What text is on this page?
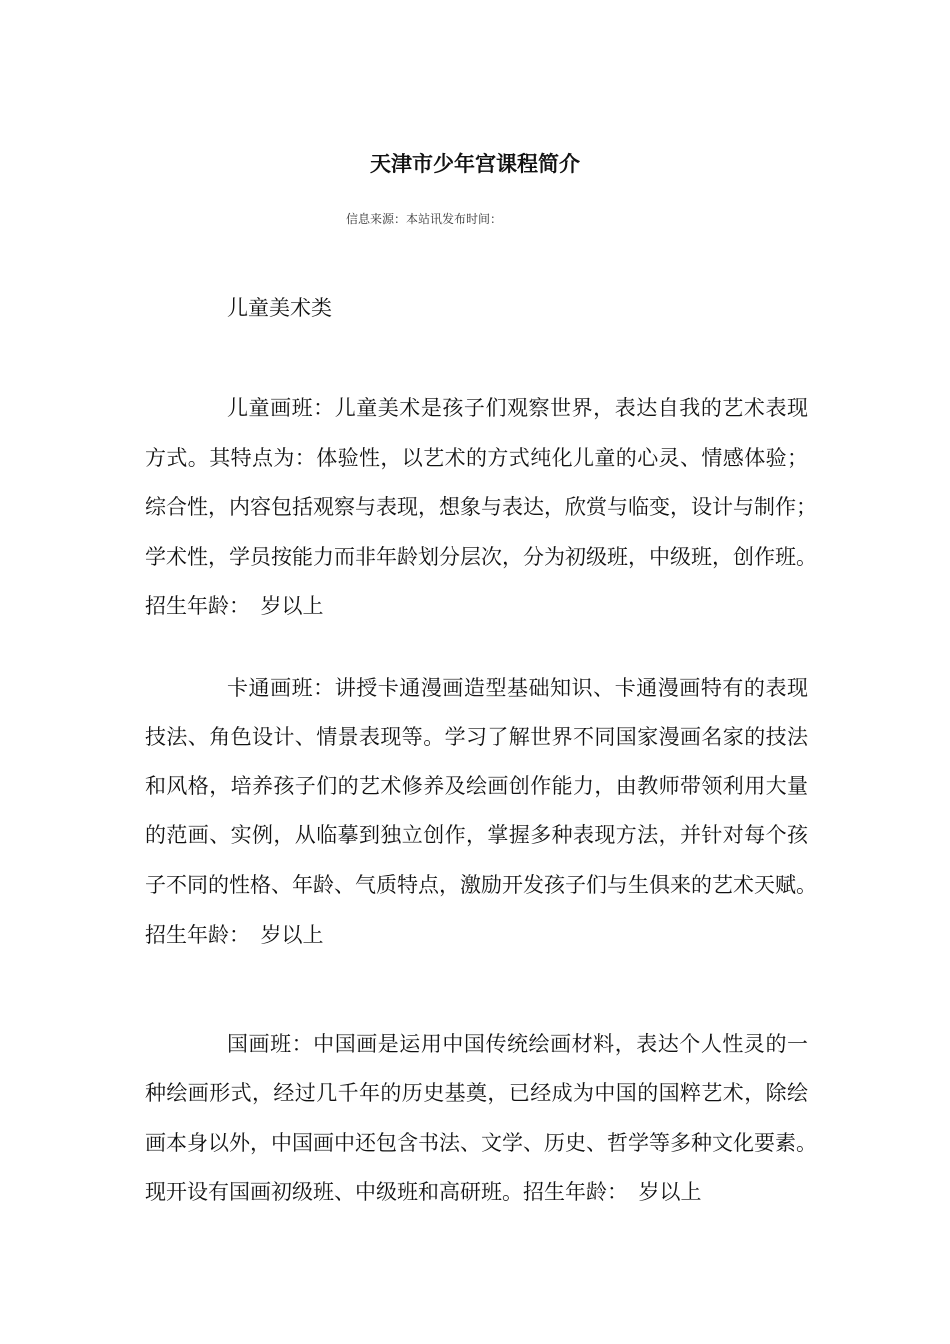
天津市少年宫课程简介
信息来源：本站讯发布时间：
儿童美术类
儿童画班：儿童美术是孩子们观察世界，表达自我的艺术表现
方式。其特点为：体验性，以艺术的方式纯化儿童的心灵、情感体验；
综合性，内容包括观察与表现，想象与表达，欣赏与临变，设计与制作；
学术性，学员按能力而非年龄划分层次，分为初级班，中级班，创作班。
招生年龄：　岁以上
卡通画班：讲授卡通漫画造型基础知识、卡通漫画特有的表现
技法、角色设计、情景表现等。学习了解世界不同国家漫画名家的技法
和风格，培养孩子们的艺术修养及绘画创作能力，由教师带领利用大量
的范画、实例，从临摹到独立创作，掌握多种表现方法，并针对每个孩
子不同的性格、年龄、气质特点，激励开发孩子们与生俱来的艺术天赋。
招生年龄：　岁以上
国画班：中国画是运用中国传统绘画材料，表达个人性灵的一
种绘画形式，经过几千年的历史基奠，已经成为中国的国粹艺术，除绘
画本身以外，中国画中还包含书法、文学、历史、哲学等多种文化要素。
现开设有国画初级班、中级班和高研班。招生年龄：　岁以上
